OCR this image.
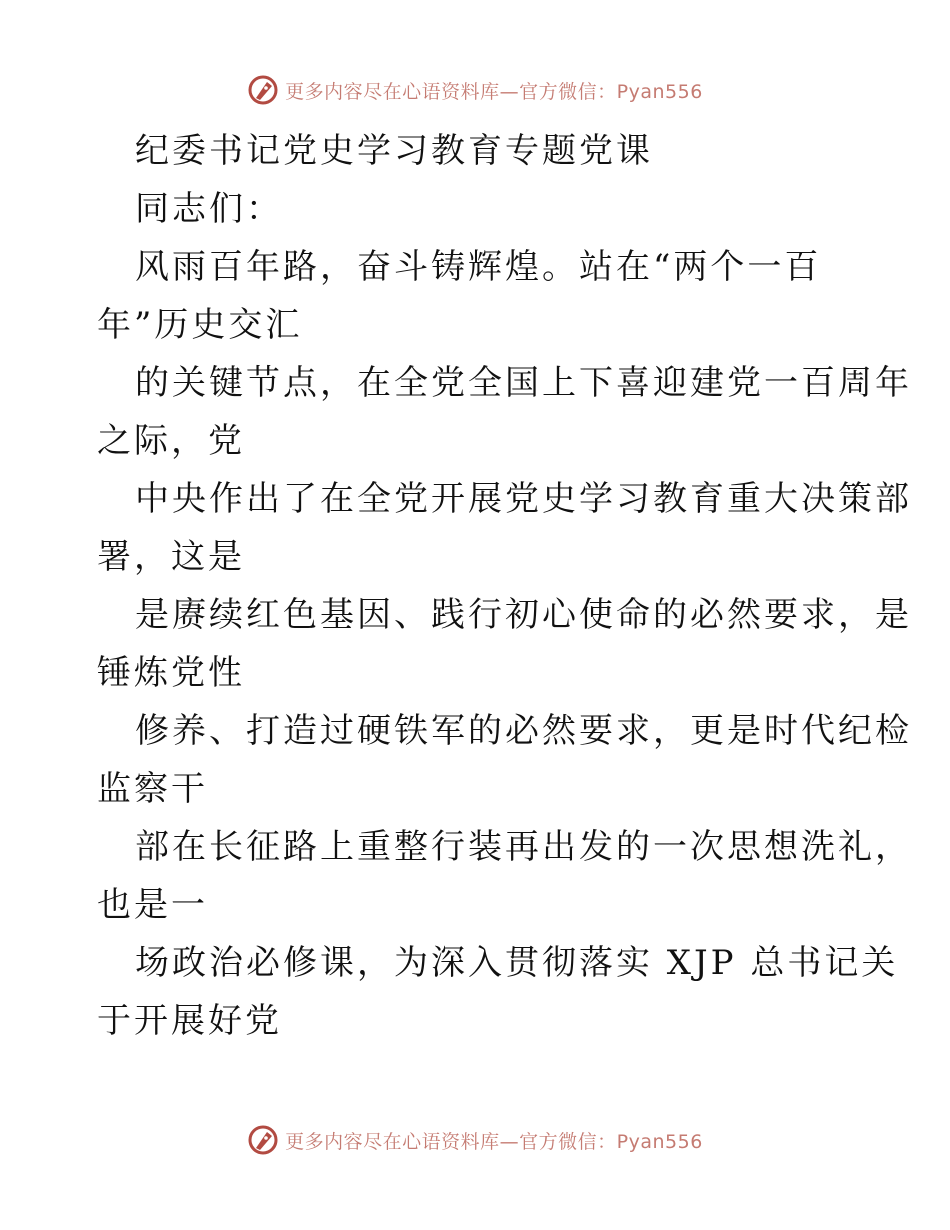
更多内容尽在心语资料库—官方微信：Pyan556
纪委书记党史学习教育专题党课
同志们：
风雨百年路，奋斗铸辉煌。站在“两个一百
年”历史交汇
的关键节点，在全党全国上下喜迎建党一百周年
之际，党
中央作出了在全党开展党史学习教育重大决策部
署，这是
是赓续红色基因、践行初心使命的必然要求，是
锤炼党性
修养、打造过硬铁军的必然要求，更是时代纪检
监察干
部在长征路上重整行装再出发的一次思想洗礼，
也是一
场政治必修课，为深入贯彻落实 XJP 总书记关
于开展好党
更多内容尽在心语资料库—官方微信：Pyan556
